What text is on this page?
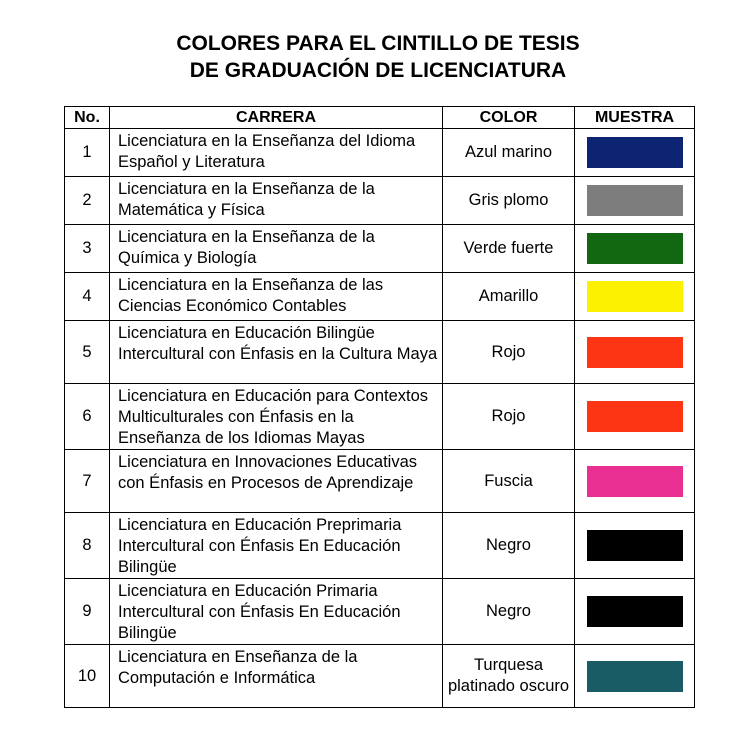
COLORES PARA EL CINTILLO DE TESIS
DE GRADUACIÓN DE LICENCIATURA
No.	CARRERA	COLOR	MUESTRA
1	Licenciatura en la Enseñanza del Idioma Español y Literatura	Azul marino	

2	Licenciatura en la Enseñanza de la Matemática y Física	Gris plomo	

3	Licenciatura en la Enseñanza de la Química y Biología	Verde fuerte	

4	Licenciatura en la Enseñanza de las Ciencias Económico Contables	Amarillo	

5	Licenciatura en Educación Bilingüe Intercultural con Énfasis en la Cultura Maya	Rojo	

6	Licenciatura en Educación para Contextos Multiculturales con Énfasis en la Enseñanza de los Idiomas Mayas	Rojo	

7	Licenciatura en Innovaciones Educativas con Énfasis en Procesos de Aprendizaje	Fuscia	

8	Licenciatura en Educación Preprimaria Intercultural con Énfasis En Educación Bilingüe	Negro	

9	Licenciatura en Educación Primaria Intercultural con Énfasis En Educación Bilingüe	Negro	

10	Licenciatura en Enseñanza de la Computación e Informática	Turquesa platinado oscuro	
